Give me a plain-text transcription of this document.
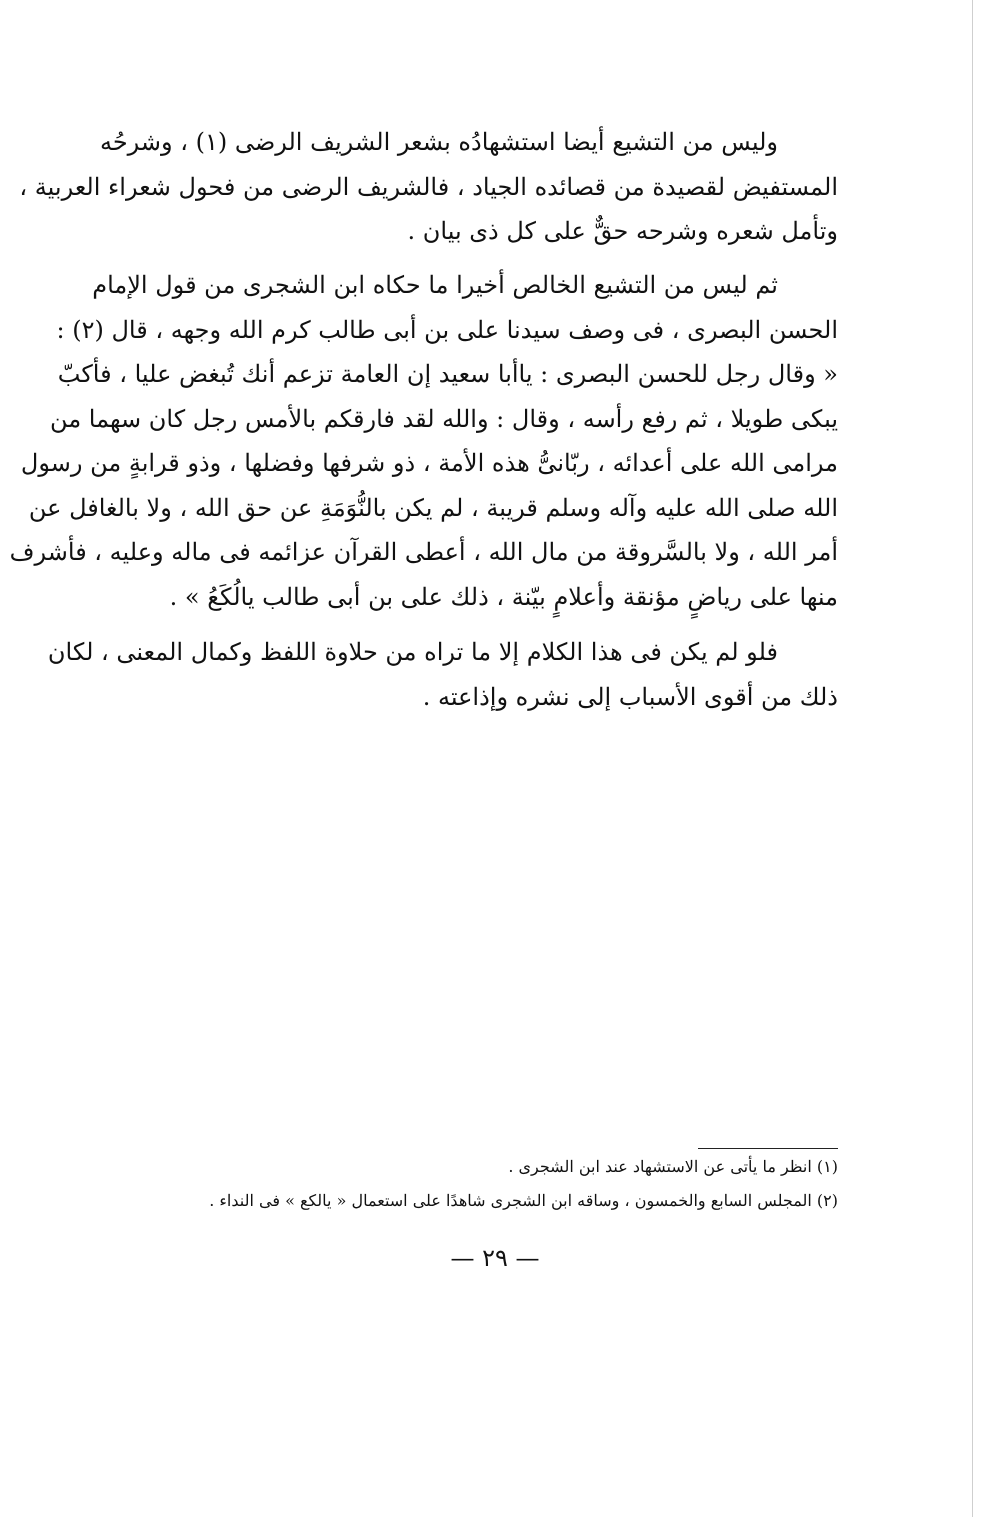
وليس من التشيع أيضا استشهادُه بشعر الشريف الرضى (١) ، وشرحُه
المستفيض لقصيدة من قصائده الجياد ، فالشريف الرضى من فحول شعراء العربية ،
وتأمل شعره وشرحه حقٌّ على كل ذى بيان .

ثم ليس من التشيع الخالص أخيرا ما حكاه ابن الشجرى من قول الإمام
الحسن البصرى ، فى وصف سيدنا على بن أبى طالب كرم الله وجهه ، قال (٢) :
« وقال رجل للحسن البصرى : ياأبا سعيد إن العامة تزعم أنك تُبغض عليا ، فأكبّ
يبكى طويلا ، ثم رفع رأسه ، وقال : والله لقد فارقكم بالأمس رجل كان سهما من
مرامى الله على أعدائه ، ربّانىُّ هذه الأمة ، ذو شرفها وفضلها ، وذو قرابةٍ من رسول
الله صلى الله عليه وآله وسلم قريبة ، لم يكن بالنُّوَمَةِ عن حق الله ، ولا بالغافل عن
أمر الله ، ولا بالسَّروقة من مال الله ، أعطى القرآن عزائمه فى ماله وعليه ، فأشرف
منها على رياضٍ مؤنقة وأعلامٍ بيّنة ، ذلك على بن أبى طالب يالُكَعُ » .

فلو لم يكن فى هذا الكلام إلا ما تراه من حلاوة اللفظ وكمال المعنى ، لكان
ذلك من أقوى الأسباب إلى نشره وإذاعته .

(١) انظر ما يأتى عن الاستشهاد عند ابن الشجرى .
(٢) المجلس السابع والخمسون ، وساقه ابن الشجرى شاهدًا على استعمال « يالكع » فى النداء .
— ٢٩ —
